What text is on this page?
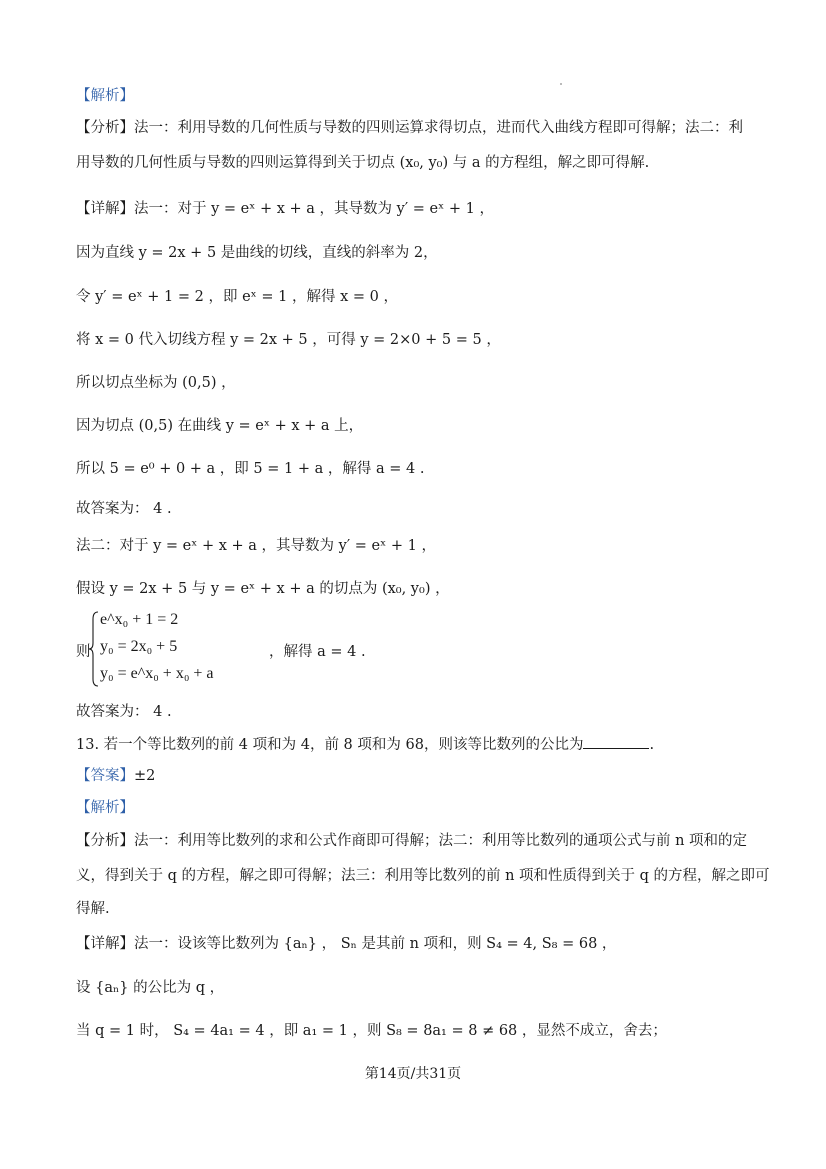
【解析】
【分析】法一：利用导数的几何性质与导数的四则运算求得切点，进而代入曲线方程即可得解；法二：利
用导数的几何性质与导数的四则运算得到关于切点 (x₀, y₀) 与 a 的方程组，解之即可得解.
【详解】法一：对于 y = eˣ + x + a ，其导数为 y′ = eˣ + 1 ，
因为直线 y = 2x + 5 是曲线的切线，直线的斜率为 2，
令 y′ = eˣ + 1 = 2 ，即 eˣ = 1 ，解得 x = 0 ，
将 x = 0 代入切线方程 y = 2x + 5 ，可得 y = 2×0 + 5 = 5 ，
所以切点坐标为 (0,5) ，
因为切点 (0,5) 在曲线 y = eˣ + x + a 上，
所以 5 = e⁰ + 0 + a ，即 5 = 1 + a ，解得 a = 4 .
故答案为： 4 .
法二：对于 y = eˣ + x + a ，其导数为 y′ = eˣ + 1 ，
假设 y = 2x + 5 与 y = eˣ + x + a 的切点为 (x₀, y₀) ，
则
e^x₀ + 1 = 2
y₀ = 2x₀ + 5
y₀ = e^x₀ + x₀ + a
，解得 a = 4 .
故答案为： 4 .
13. 若一个等比数列的前 4 项和为 4，前 8 项和为 68，则该等比数列的公比为	.
【答案】±2
【解析】
【分析】法一：利用等比数列的求和公式作商即可得解；法二：利用等比数列的通项公式与前 n 项和的定
义，得到关于 q 的方程，解之即可得解；法三：利用等比数列的前 n 项和性质得到关于 q 的方程，解之即可
得解.
【详解】法一：设该等比数列为 {aₙ} ， Sₙ 是其前 n 项和，则 S₄ = 4, S₈ = 68 ，
设 {aₙ} 的公比为 q ，
当 q = 1 时， S₄ = 4a₁ = 4 ，即 a₁ = 1 ，则 S₈ = 8a₁ = 8 ≠ 68 ，显然不成立，舍去；
第14页/共31页
